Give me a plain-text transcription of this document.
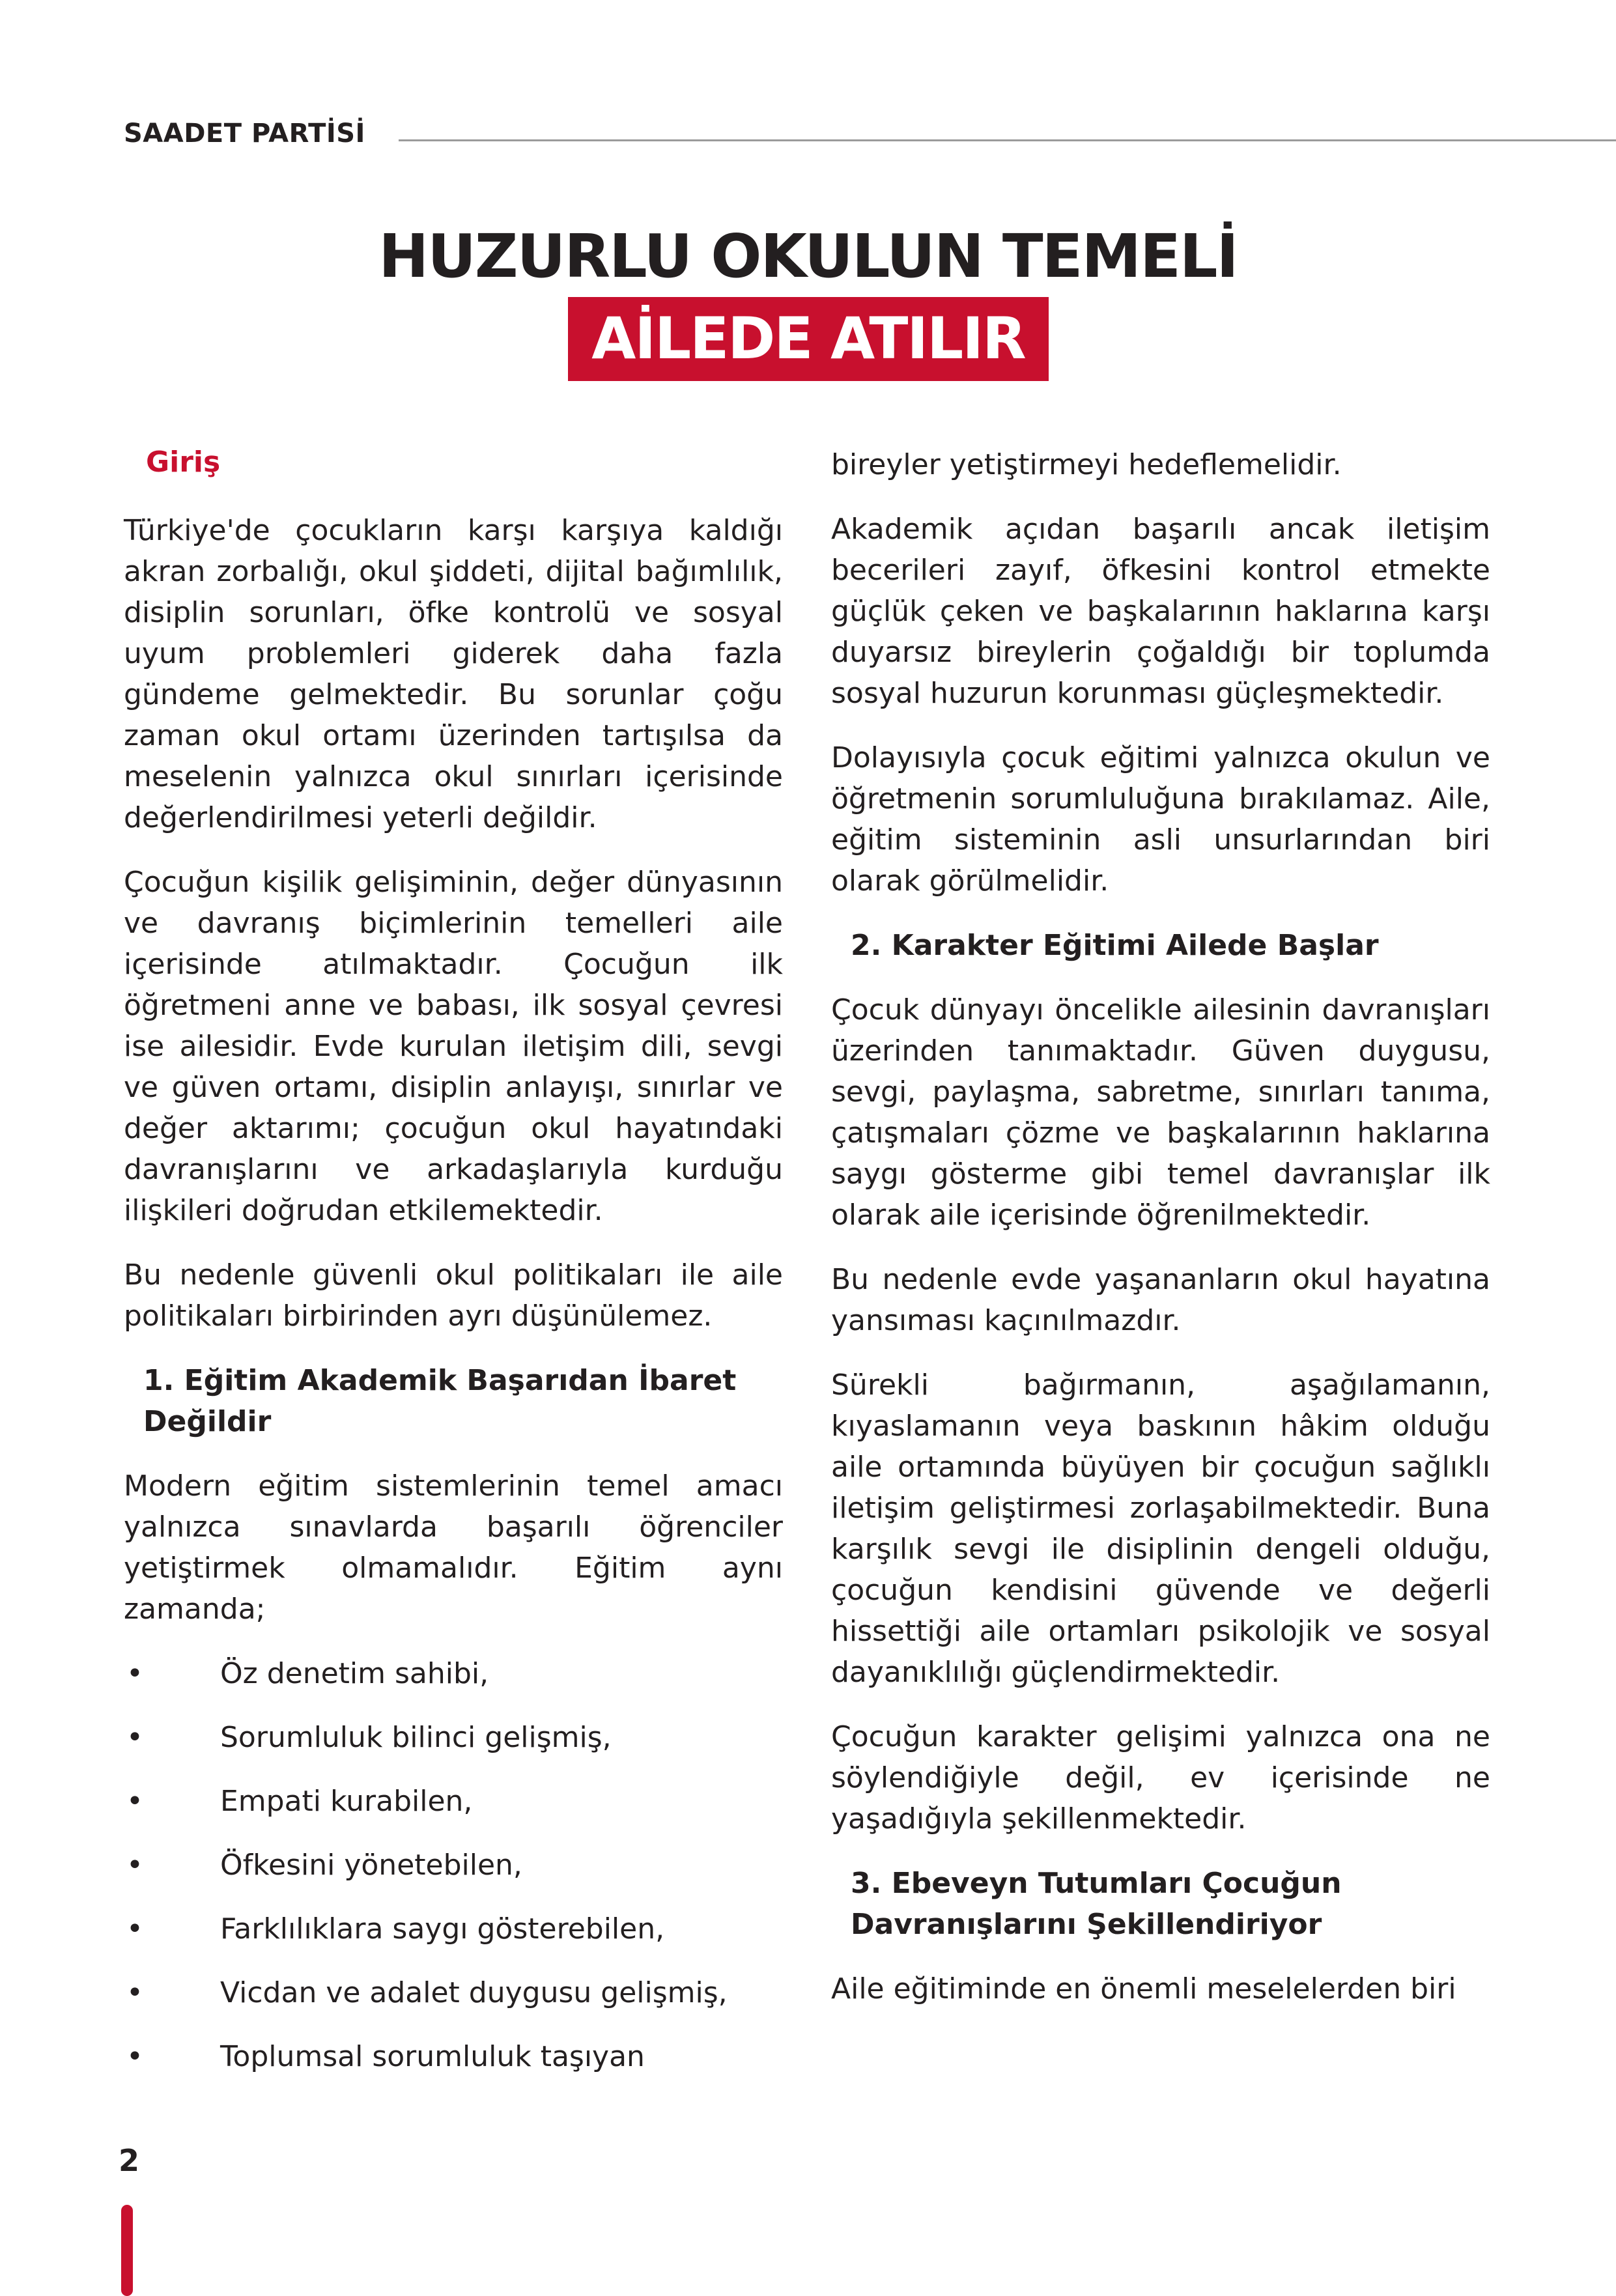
SAADET PARTİSİ
HUZURLU OKULUN TEMELİ
AİLEDE ATILIR
Giriş

Türkiye'de çocukların karşı karşıya kaldığı akran zorbalığı, okul şiddeti, dijital bağımlılık, disiplin sorunları, öfke kontrolü ve sosyal uyum problemleri giderek daha fazla gündeme gelmektedir. Bu sorunlar çoğu zaman okul ortamı üzerinden tartışılsa da meselenin yalnızca okul sınırları içerisinde değerlendirilmesi yeterli değildir.

Çocuğun kişilik gelişiminin, değer dünyasının ve davranış biçimlerinin temelleri aile içerisinde atılmaktadır. Çocuğun ilk öğretmeni anne ve babası, ilk sosyal çevresi ise ailesidir. Evde kurulan iletişim dili, sevgi ve güven ortamı, disiplin anlayışı, sınırlar ve değer aktarımı; çocuğun okul hayatındaki davranışlarını ve arkadaşlarıyla kurduğu ilişkileri doğrudan etkilemektedir.

Bu nedenle güvenli okul politikaları ile aile politikaları birbirinden ayrı düşünülemez.

1. Eğitim Akademik Başarıdan İbaret Değildir

Modern eğitim sistemlerinin temel amacı yalnızca sınavlarda başarılı öğrenciler yetiştirmek olmamalıdır. Eğitim aynı zamanda;

•	Öz denetim sahibi,
•	Sorumluluk bilinci gelişmiş,
•	Empati kurabilen,
•	Öfkesini yönetebilen,
•	Farklılıklara saygı gösterebilen,
•	Vicdan ve adalet duygusu gelişmiş,
•	Toplumsal sorumluluk taşıyan

bireyler yetiştirmeyi hedeflemelidir.

Akademik açıdan başarılı ancak iletişim becerileri zayıf, öfkesini kontrol etmekte güçlük çeken ve başkalarının haklarına karşı duyarsız bireylerin çoğaldığı bir toplumda sosyal huzurun korunması güçleşmektedir.

Dolayısıyla çocuk eğitimi yalnızca okulun ve öğretmenin sorumluluğuna bırakılamaz. Aile, eğitim sisteminin asli unsurlarından biri olarak görülmelidir.

2. Karakter Eğitimi Ailede Başlar

Çocuk dünyayı öncelikle ailesinin davranışları üzerinden tanımaktadır. Güven duygusu, sevgi, paylaşma, sabretme, sınırları tanıma, çatışmaları çözme ve başkalarının haklarına saygı gösterme gibi temel davranışlar ilk olarak aile içerisinde öğrenilmektedir.

Bu nedenle evde yaşananların okul hayatına yansıması kaçınılmazdır.

Sürekli bağırmanın, aşağılamanın, kıyaslamanın veya baskının hâkim olduğu aile ortamında büyüyen bir çocuğun sağlıklı iletişim geliştirmesi zorlaşabilmektedir. Buna karşılık sevgi ile disiplinin dengeli olduğu, çocuğun kendisini güvende ve değerli hissettiği aile ortamları psikolojik ve sosyal dayanıklılığı güçlendirmektedir.

Çocuğun karakter gelişimi yalnızca ona ne söylendiğiyle değil, ev içerisinde ne yaşadığıyla şekillenmektedir.

3. Ebeveyn Tutumları Çocuğun Davranışlarını Şekillendiriyor

Aile eğitiminde en önemli meselelerden biri

2
